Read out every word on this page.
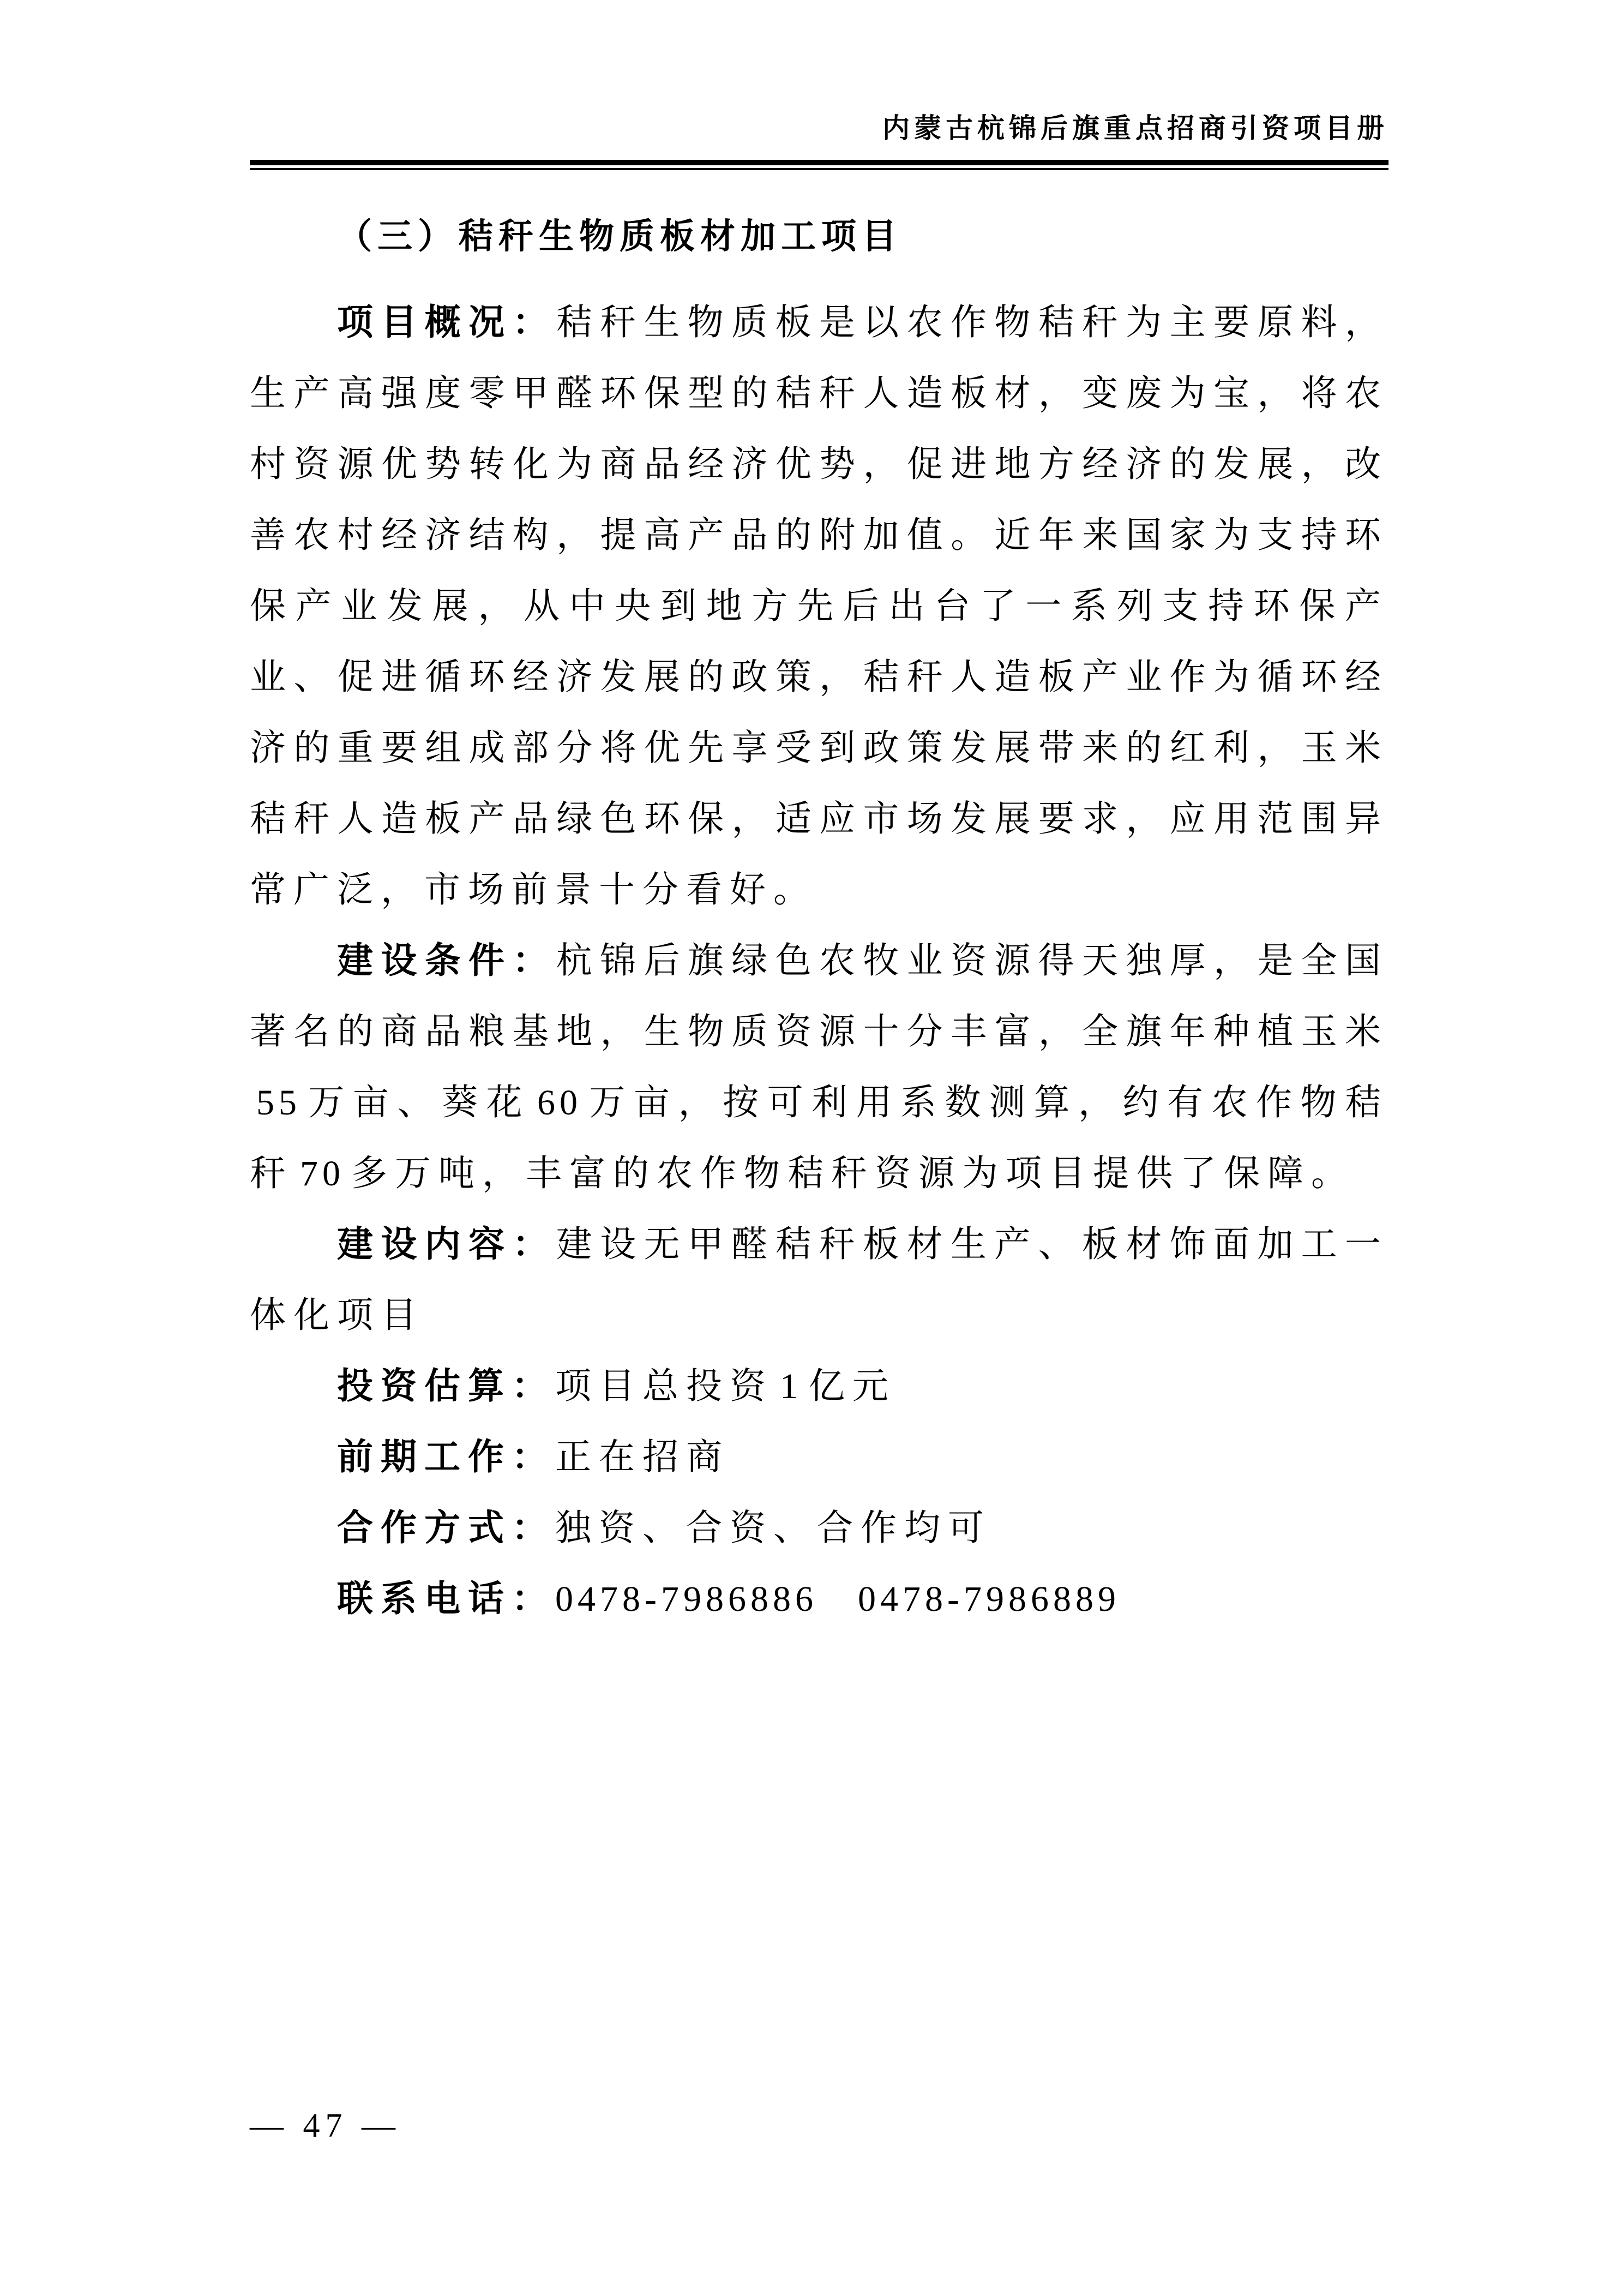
内蒙古杭锦后旗重点招商引资项目册
（三）秸秆生物质板材加工项目

项目概况：秸秆生物质板是以农作物秸秆为主要原料，生产高强度零甲醛环保型的秸秆人造板材，变废为宝，将农村资源优势转化为商品经济优势，促进地方经济的发展，改善农村经济结构，提高产品的附加值。近年来国家为支持环保产业发展，从中央到地方先后出台了一系列支持环保产业、促进循环经济发展的政策，秸秆人造板产业作为循环经济的重要组成部分将优先享受到政策发展带来的红利，玉米秸秆人造板产品绿色环保，适应市场发展要求，应用范围异常广泛，市场前景十分看好。

建设条件：杭锦后旗绿色农牧业资源得天独厚，是全国著名的商品粮基地，生物质资源十分丰富，全旗年种植玉米55 万亩、葵花 60 万亩，按可利用系数测算，约有农作物秸秆 70 多万吨，丰富的农作物秸秆资源为项目提供了保障。

建设内容：建设无甲醛秸秆板材生产、板材饰面加工一体化项目

投资估算：项目总投资 1 亿元

前期工作：正在招商

合作方式：独资、合资、合作均可

联系电话：0478-7986886 0478-7986889

— 47 —
